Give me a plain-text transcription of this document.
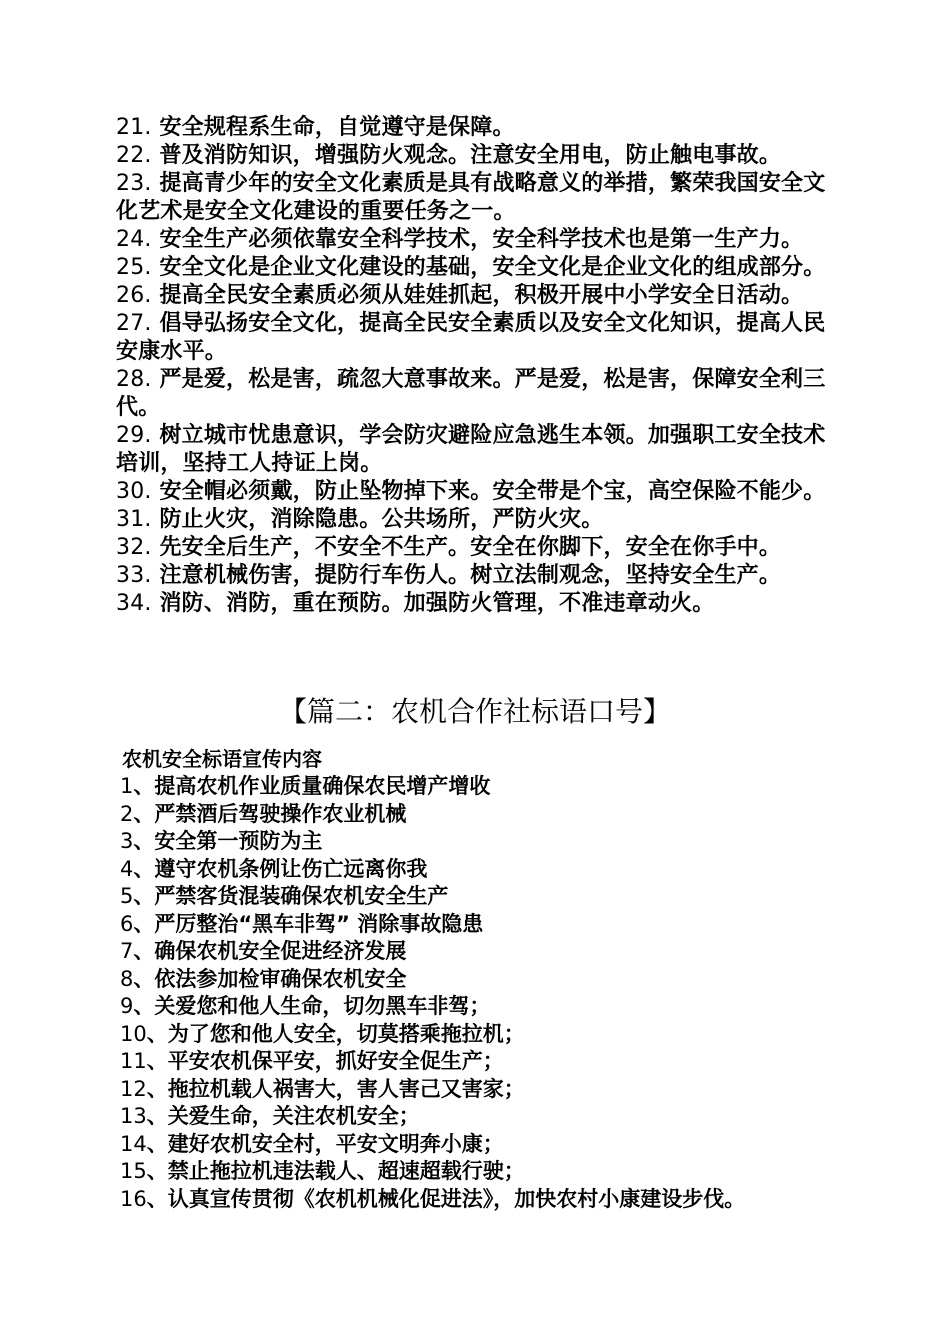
21. 安全规程系生命，自觉遵守是保障。

22. 普及消防知识，增强防火观念。注意安全用电，防止触电事故。

23. 提高青少年的安全文化素质是具有战略意义的举措，繁荣我国安全文化艺术是安全文化建设的重要任务之一。

24. 安全生产必须依靠安全科学技术，安全科学技术也是第一生产力。

25. 安全文化是企业文化建设的基础，安全文化是企业文化的组成部分。

26. 提高全民安全素质必须从娃娃抓起，积极开展中小学安全日活动。

27. 倡导弘扬安全文化，提高全民安全素质以及安全文化知识，提高人民安康水平。

28. 严是爱，松是害，疏忽大意事故来。严是爱，松是害，保障安全利三代。

29. 树立城市忧患意识，学会防灾避险应急逃生本领。加强职工安全技术培训，坚持工人持证上岗。

30. 安全帽必须戴，防止坠物掉下来。安全带是个宝，高空保险不能少。

31. 防止火灾，消除隐患。公共场所，严防火灾。

32. 先安全后生产，不安全不生产。安全在你脚下，安全在你手中。

33. 注意机械伤害，提防行车伤人。树立法制观念，坚持安全生产。

34. 消防、消防，重在预防。加强防火管理，不准违章动火。

【篇二：农机合作社标语口号】

农机安全标语宣传内容

1、提高农机作业质量确保农民增产增收

2、严禁酒后驾驶操作农业机械

3、安全第一预防为主

4、遵守农机条例让伤亡远离你我

5、严禁客货混装确保农机安全生产

6、严厉整治“黑车非驾” 消除事故隐患

7、确保农机安全促进经济发展

8、依法参加检审确保农机安全

9、关爱您和他人生命，切勿黑车非驾；

10、为了您和他人安全，切莫搭乘拖拉机；

11、平安农机保平安，抓好安全促生产；

12、拖拉机载人祸害大，害人害己又害家；

13、关爱生命，关注农机安全；

14、建好农机安全村，平安文明奔小康；

15、禁止拖拉机违法载人、超速超载行驶；

16、认真宣传贯彻《农机机械化促进法》，加快农村小康建设步伐。
